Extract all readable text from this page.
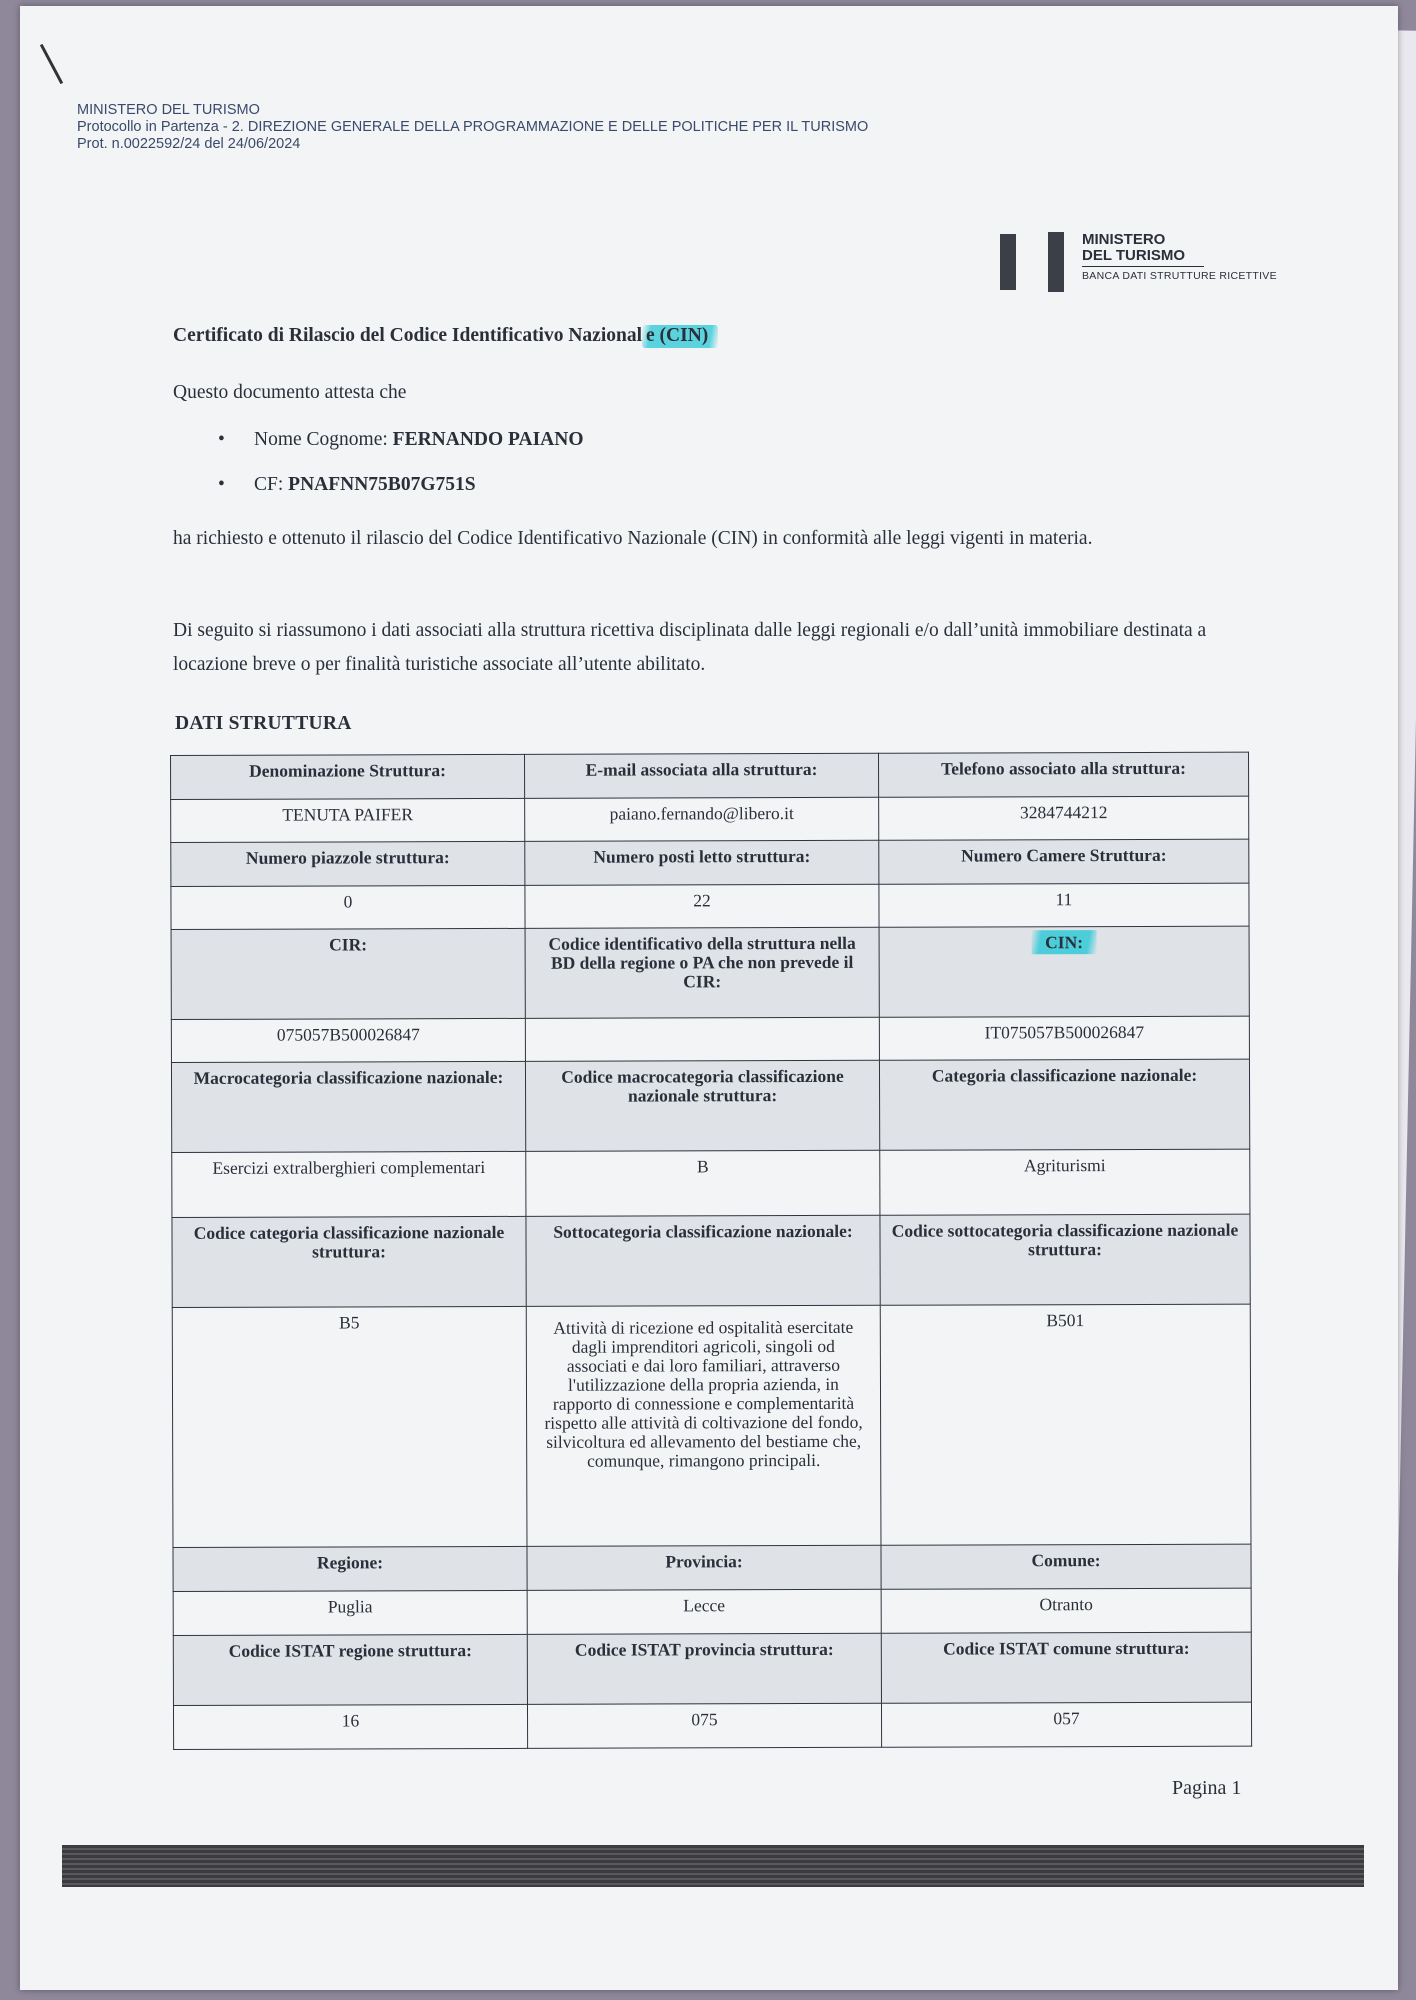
MINISTERO DEL TURISMO
Protocollo in Partenza - 2. DIREZIONE GENERALE DELLA PROGRAMMAZIONE E DELLE POLITICHE PER IL TURISMO
Prot. n.0022592/24 del 24/06/2024
MINISTERO
DEL TURISMO
BANCA DATI STRUTTURE RICETTIVE
Certificato di Rilascio del Codice Identificativo Nazional e (CIN)
Questo documento attesta che
• Nome Cognome: FERNANDO PAIANO
• CF: PNAFNN75B07G751S

ha richiesto e ottenuto il rilascio del Codice Identificativo Nazionale (CIN) in conformità alle leggi vigenti in materia.

Di seguito si riassumono i dati associati alla struttura ricettiva disciplinata dalle leggi regionali e/o dall’unità immobiliare destinata a locazione breve o per finalità turistiche associate all’utente abilitato.

DATI STRUTTURA
Denominazione Struttura:	E-mail associata alla struttura:	Telefono associato alla struttura:
TENUTA PAIFER	paiano.fernando@libero.it	3284744212
Numero piazzole struttura:	Numero posti letto struttura:	Numero Camere Struttura:
0	22	11
CIR:	Codice identificativo della struttura nella BD della regione o PA che non prevede il CIR:	CIN:
075057B500026847		IT075057B500026847
Macrocategoria classificazione nazionale:	Codice macrocategoria classificazione nazionale struttura:	Categoria classificazione nazionale:
Esercizi extralberghieri complementari	B	Agriturismi
Codice categoria classificazione nazionale struttura:	Sottocategoria classificazione nazionale:	Codice sottocategoria classificazione nazionale struttura:
B5	Attività di ricezione ed ospitalità esercitate dagli imprenditori agricoli, singoli od associati e dai loro familiari, attraverso l'utilizzazione della propria azienda, in rapporto di connessione e complementarità rispetto alle attività di coltivazione del fondo, silvicoltura ed allevamento del bestiame che, comunque, rimangono principali.	B501
Regione:	Provincia:	Comune:
Puglia	Lecce	Otranto
Codice ISTAT regione struttura:	Codice ISTAT provincia struttura:	Codice ISTAT comune struttura:
16	075	057
Pagina 1
